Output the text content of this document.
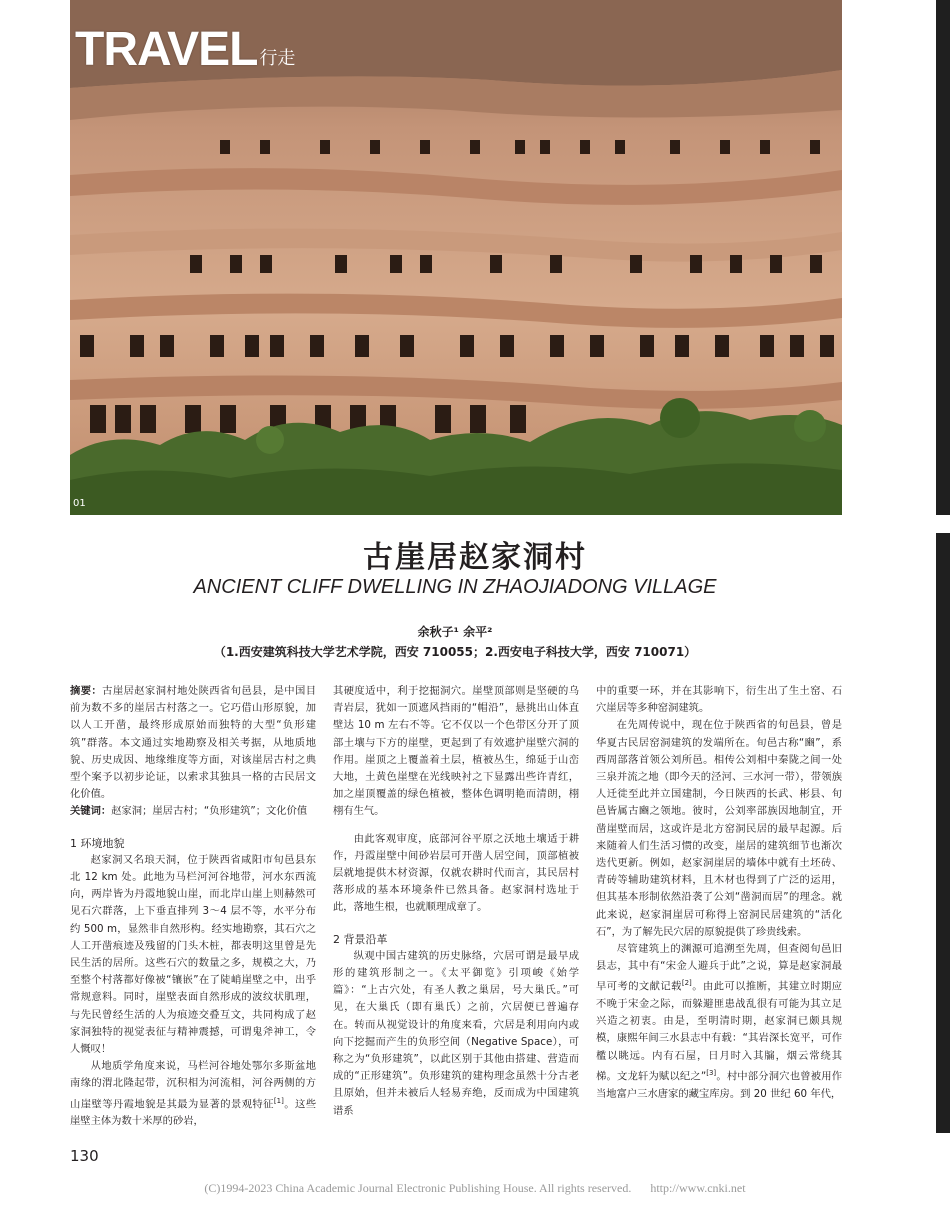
TRAVEL 行走
01
古崖居赵家洞村
ANCIENT CLIFF DWELLING IN ZHAOJIADONG VILLAGE
余秋子¹ 余平²
（1.西安建筑科技大学艺术学院，西安 710055；2.西安电子科技大学，西安 710071）

摘要：古崖居赵家洞村地处陕西省旬邑县，是中国目前为数不多的崖居古村落之一。它巧借山形原貌，加以人工开凿，最终形成原始而独特的大型“负形建筑”群落。本文通过实地勘察及相关考据，从地质地貌、历史成因、地缘维度等方面，对该崖居古村之典型个案予以初步论证，以索求其独具一格的古民居文化价值。

关键词：赵家洞；崖居古村；“负形建筑”；文化价值

1 环境地貌

赵家洞又名琅天洞，位于陕西省咸阳市旬邑县东北 12 km 处。此地为马栏河河谷地带，河水东西流向，两岸皆为丹霞地貌山崖，而北岸山崖上则赫然可见石穴群落，上下垂直排列 3～4 层不等，水平分布约 500 m，显然非自然形构。经实地勘察，其石穴之人工开凿痕迹及残留的门头木桩，都表明这里曾是先民生活的居所。这些石穴的数量之多，规模之大，乃至整个村落都好像被“镶嵌”在了陡峭崖壁之中，出乎常规意料。同时，崖壁表面自然形成的波纹状肌理，与先民曾经生活的人为痕迹交叠互文，共同构成了赵家洞独特的视觉表征与精神震撼，可谓鬼斧神工，令人慨叹！

从地质学角度来说，马栏河谷地处鄂尔多斯盆地南缘的渭北隆起带，沉积相为河流相，河谷两侧的方山崖壁等丹霞地貌是其最为显著的景观特征[1]。这些崖壁主体为数十米厚的砂岩，

其硬度适中，利于挖掘洞穴。崖壁顶部则是坚硬的乌青岩层，犹如一顶遮风挡雨的“帽沿”，悬挑出山体直壁达 10 m 左右不等。它不仅以一个色带区分开了顶部土壤与下方的崖壁，更起到了有效遮护崖壁穴洞的作用。崖顶之上覆盖着土层，植被丛生，绵延于山峦大地，土黄色崖壁在光线映衬之下显露出些许青红，加之崖顶覆盖的绿色植被，整体色调明艳而清朗，栩栩有生气。

由此客观审度，底部河谷平原之沃地土壤适于耕作，丹霞崖壁中间砂岩层可开凿人居空间，顶部植被层就地提供木材资源，仅就农耕时代而言，其民居村落形成的基本环境条件已然具备。赵家洞村选址于此，落地生根，也就顺理成章了。

2 背景沿革

纵观中国古建筑的历史脉络，穴居可谓是最早成形的建筑形制之一。《太平御览》引项峻《始学篇》：“上古穴处，有圣人教之巢居，号大巢氏。”可见，在大巢氏（即有巢氏）之前，穴居便已普遍存在。转而从视觉设计的角度来看，穴居是利用向内或向下挖掘而产生的负形空间（Negative Space），可称之为“负形建筑”，以此区别于其他由搭建、营造而成的“正形建筑”。负形建筑的建构理念虽然十分古老且原始，但并未被后人轻易弃绝，反而成为中国建筑谱系

中的重要一环，并在其影响下，衍生出了生土窑、石穴崖居等多种窑洞建筑。

在先周传说中，现在位于陕西省的旬邑县，曾是华夏古民居窑洞建筑的发端所在。旬邑古称“豳”，系西周部落首领公刘所邑。相传公刘相中秦陇之间一处三泉并流之地（即今天的泾河、三水河一带），带领族人迁徙至此并立国建制，今日陕西的长武、彬县、旬邑皆属古豳之领地。彼时，公刘率部族因地制宜，开凿崖壁而居，这或许是北方窑洞民居的最早起源。后来随着人们生活习惯的改变，崖居的建筑细节也渐次迭代更新。例如，赵家洞崖居的墙体中就有土坯砖、青砖等辅助建筑材料，且木材也得到了广泛的运用，但其基本形制依然沿袭了公刘“凿洞而居”的理念。就此来说，赵家洞崖居可称得上窑洞民居建筑的“活化石”，为了解先民穴居的原貌提供了珍贵线索。

尽管建筑上的渊源可追溯至先周，但查阅旬邑旧县志，其中有“宋金人避兵于此”之说，算是赵家洞最早可考的文献记载[2]。由此可以推断，其建立时期应不晚于宋金之际，而躲避匪患战乱很有可能为其立足兴造之初衷。由是，至明清时期，赵家洞已颇具规模，康熙年间三水县志中有载：“其岩深长宽平，可作檻以眺远。内有石屋，日月时入其牖，烟云常绕其梯。文龙轩为赋以纪之”[3]。村中部分洞穴也曾被用作当地富户三水唐家的藏宝库房。到 20 世纪 60 年代，

130
(C)1994-2023 China Academic Journal Electronic Publishing House. All rights reserved. http://www.cnki.net
